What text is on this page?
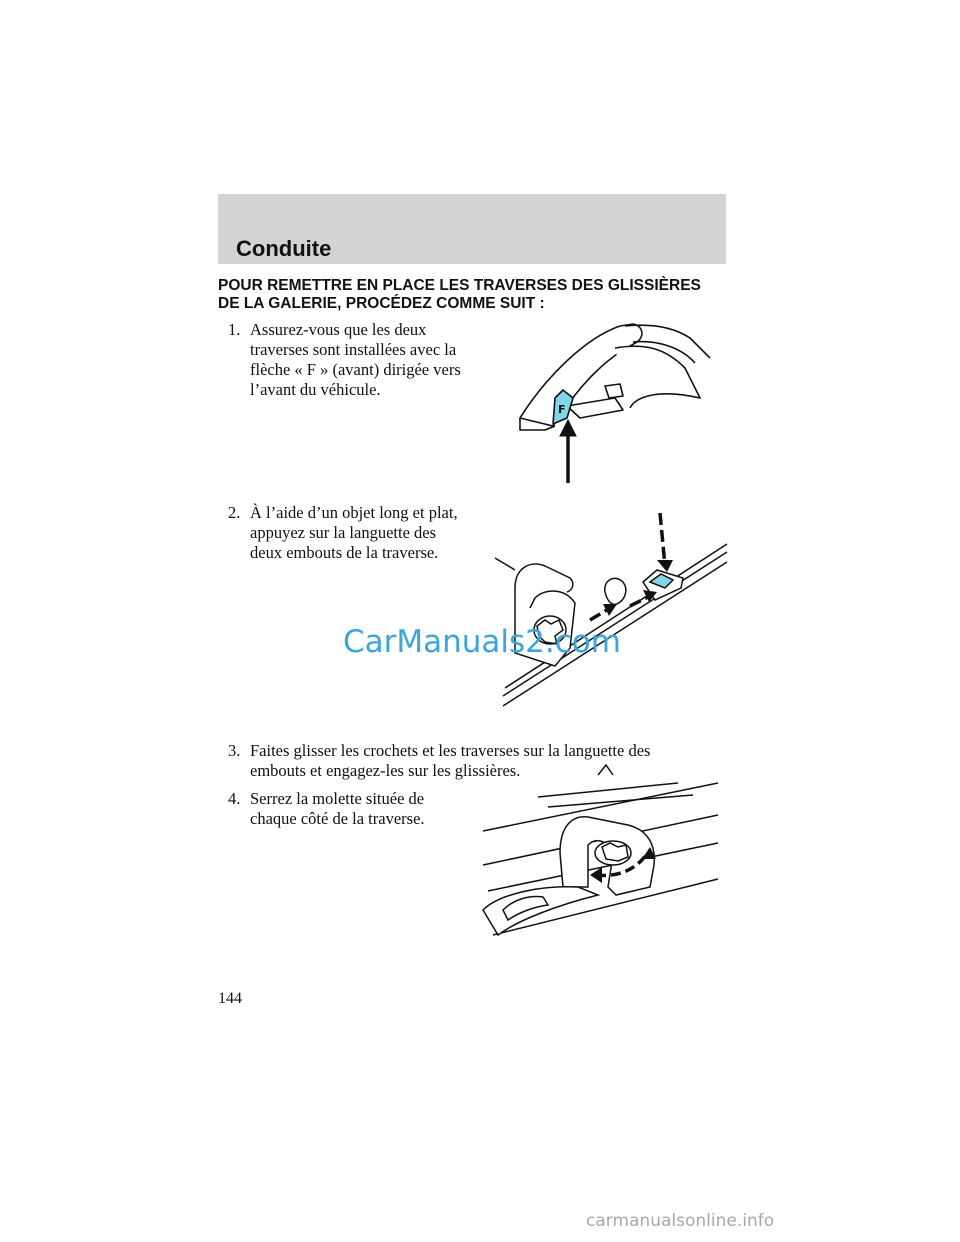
Conduite
POUR REMETTRE EN PLACE LES TRAVERSES DES GLISSIÈRES
DE LA GALERIE, PROCÉDEZ COMME SUIT :
1. Assurez-vous que les deux
traverses sont installées avec la
flèche « F » (avant) dirigée vers
l’avant du véhicule.
F
2. À l’aide d’un objet long et plat,
appuyez sur la languette des
deux embouts de la traverse.
CarManuals2.com
3. Faites glisser les crochets et les traverses sur la languette des
embouts et engagez-les sur les glissières.
4. Serrez la molette située de
chaque côté de la traverse.
144
carmanualsonline.info
